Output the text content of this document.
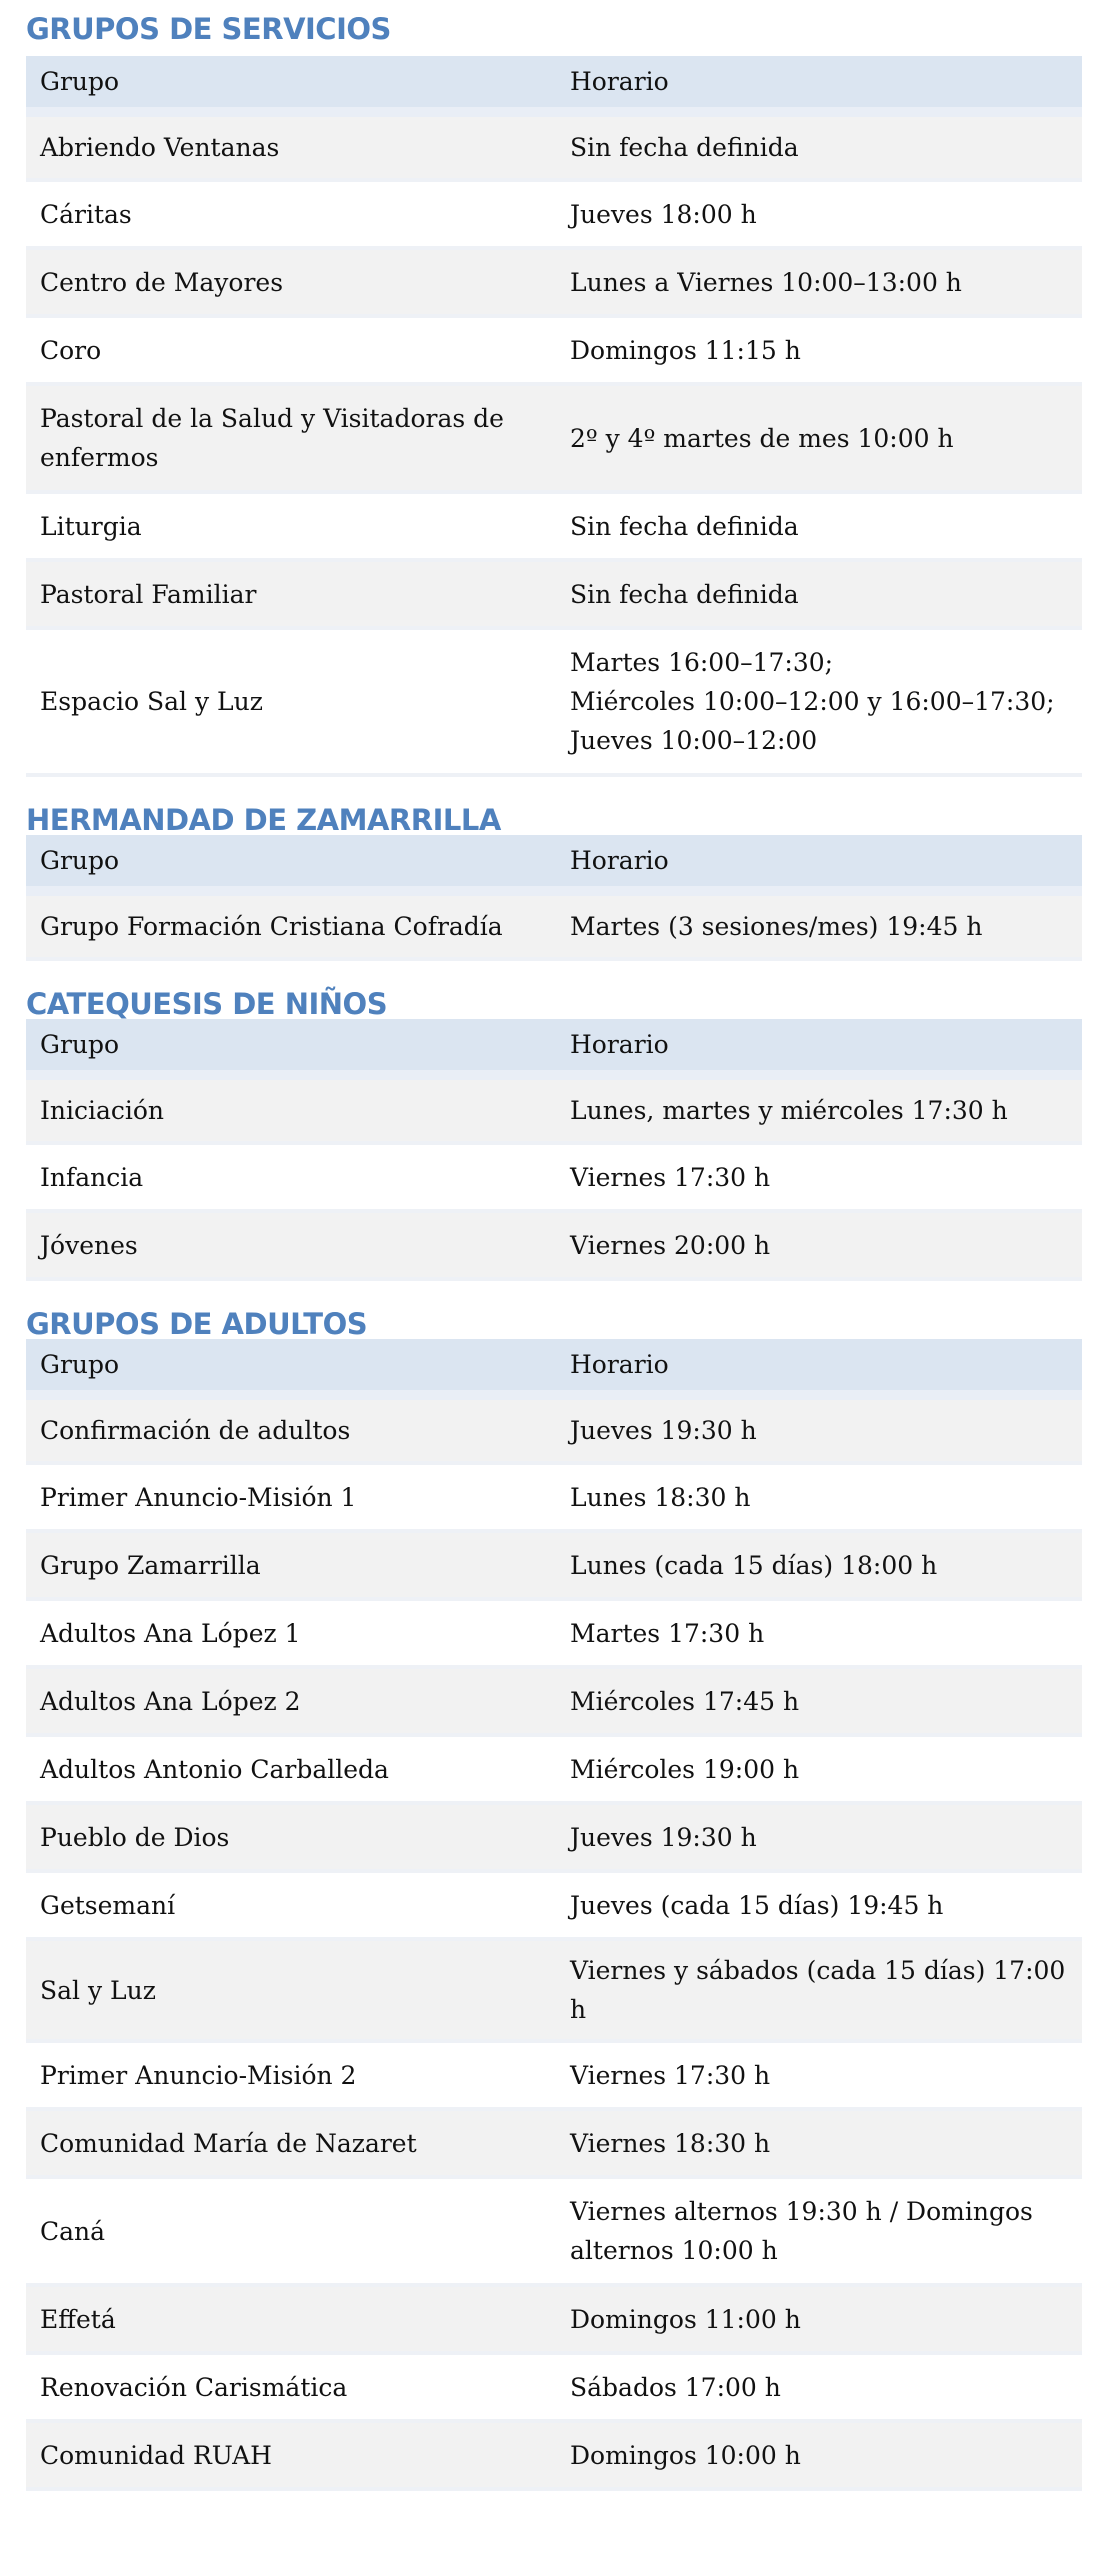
GRUPOS DE SERVICIOS
Grupo	Horario
Abriendo Ventanas	Sin fecha definida
Cáritas	Jueves 18:00 h
Centro de Mayores	Lunes a Viernes 10:00–13:00 h
Coro	Domingos 11:15 h
Pastoral de la Salud y Visitadoras de enfermos	2º y 4º martes de mes 10:00 h
Liturgia	Sin fecha definida
Pastoral Familiar	Sin fecha definida
Espacio Sal y Luz	Martes 16:00–17:30;
Miércoles 10:00–12:00 y 16:00–17:30;
Jueves 10:00–12:00
HERMANDAD DE ZAMARRILLA
Grupo	Horario
Grupo Formación Cristiana Cofradía	Martes (3 sesiones/mes) 19:45 h
CATEQUESIS DE NIÑOS
Grupo	Horario
Iniciación	Lunes, martes y miércoles 17:30 h
Infancia	Viernes 17:30 h
Jóvenes	Viernes 20:00 h
GRUPOS DE ADULTOS
Grupo	Horario
Confirmación de adultos	Jueves 19:30 h
Primer Anuncio-Misión 1	Lunes 18:30 h
Grupo Zamarrilla	Lunes (cada 15 días) 18:00 h
Adultos Ana López 1	Martes 17:30 h
Adultos Ana López 2	Miércoles 17:45 h
Adultos Antonio Carballeda	Miércoles 19:00 h
Pueblo de Dios	Jueves 19:30 h
Getsemaní	Jueves (cada 15 días) 19:45 h
Sal y Luz	Viernes y sábados (cada 15 días) 17:00 h
Primer Anuncio-Misión 2	Viernes 17:30 h
Comunidad María de Nazaret	Viernes 18:30 h
Caná	Viernes alternos 19:30 h / Domingos alternos 10:00 h
Effetá	Domingos 11:00 h
Renovación Carismática	Sábados 17:00 h
Comunidad RUAH	Domingos 10:00 h
